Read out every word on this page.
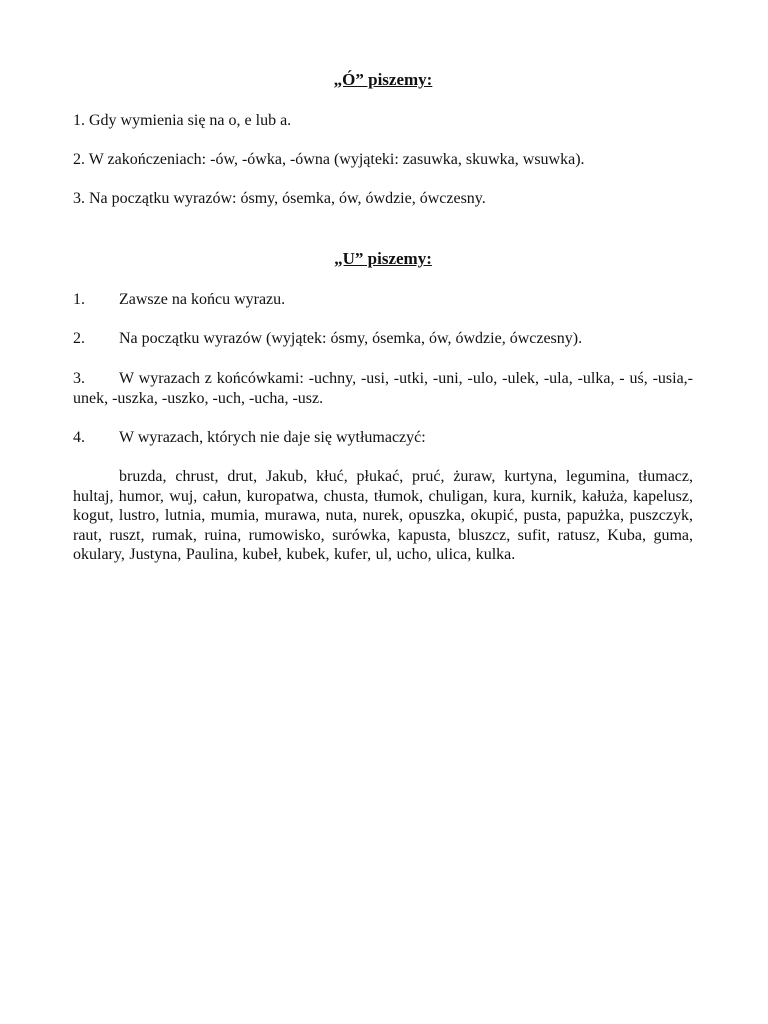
„Ó” piszemy:
1. Gdy wymienia się na o, e lub a.
2. W zakończeniach: -ów, -ówka, -ówna (wyjąteki: zasuwka, skuwka, wsuwka).
3. Na początku wyrazów: ósmy, ósemka, ów, ówdzie, ówczesny.
„U” piszemy:
1.	Zawsze na końcu wyrazu.
2.	Na początku wyrazów (wyjątek: ósmy, ósemka, ów, ówdzie, ówczesny).
3.	W wyrazach z końcówkami: -uchny, -usi, -utki, -uni, -ulo, -ulek, -ula, -ulka, - uś, -usia,-unek, -uszka, -uszko, -uch, -ucha, -usz.
4.	W wyrazach, których nie daje się wytłumaczyć:
bruzda, chrust, drut, Jakub, kłuć, płukać, pruć, żuraw, kurtyna, legumina, tłumacz, hultaj, humor, wuj, całun, kuropatwa, chusta, tłumok, chuligan, kura, kurnik, kałuża, kapelusz, kogut, lustro, lutnia, mumia, murawa, nuta, nurek, opuszka, okupić, pusta, papużka, puszczyk, raut, ruszt, rumak, ruina, rumowisko, surówka, kapusta, bluszcz, sufit, ratusz, Kuba, guma, okulary, Justyna, Paulina, kubeł, kubek, kufer, ul, ucho, ulica, kulka.
